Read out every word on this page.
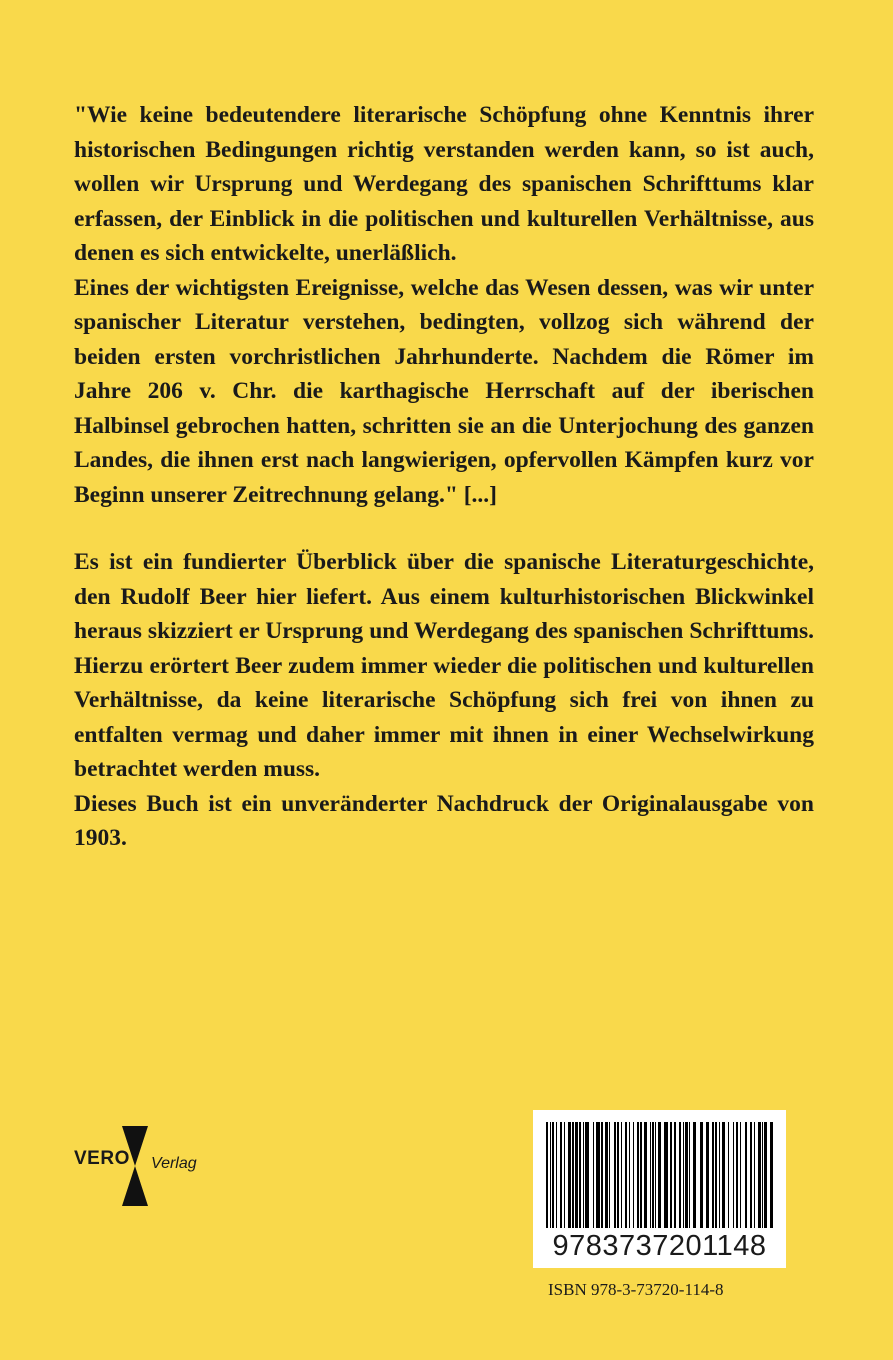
"Wie keine bedeutendere literarische Schöpfung ohne Kenntnis ihrer historischen Bedingungen richtig verstanden werden kann, so ist auch, wollen wir Ursprung und Werdegang des spanischen Schrifttums klar erfassen, der Einblick in die politischen und kulturellen Verhältnisse, aus denen es sich entwickelte, unerläßlich.

Eines der wichtigsten Ereignisse, welche das Wesen dessen, was wir unter spanischer Literatur verstehen, bedingten, vollzog sich während der beiden ersten vorchristlichen Jahrhunderte. Nachdem die Römer im Jahre 206 v. Chr. die karthagische Herrschaft auf der iberischen Halbinsel gebrochen hatten, schritten sie an die Unterjochung des ganzen Landes, die ihnen erst nach langwierigen, opfervollen Kämpfen kurz vor Beginn unserer Zeitrechnung gelang." [...]

Es ist ein fundierter Überblick über die spanische Literaturgeschichte, den Rudolf Beer hier liefert. Aus einem kulturhistorischen Blickwinkel heraus skizziert er Ursprung und Werdegang des spanischen Schrifttums. Hierzu erörtert Beer zudem immer wieder die politischen und kulturellen Verhältnisse, da keine literarische Schöpfung sich frei von ihnen zu entfalten vermag und daher immer mit ihnen in einer Wechselwirkung betrachtet werden muss.

Dieses Buch ist ein unveränderter Nachdruck der Originalausgabe von 1903.

VERO Verlag
9783737201148
ISBN 978-3-73720-114-8
